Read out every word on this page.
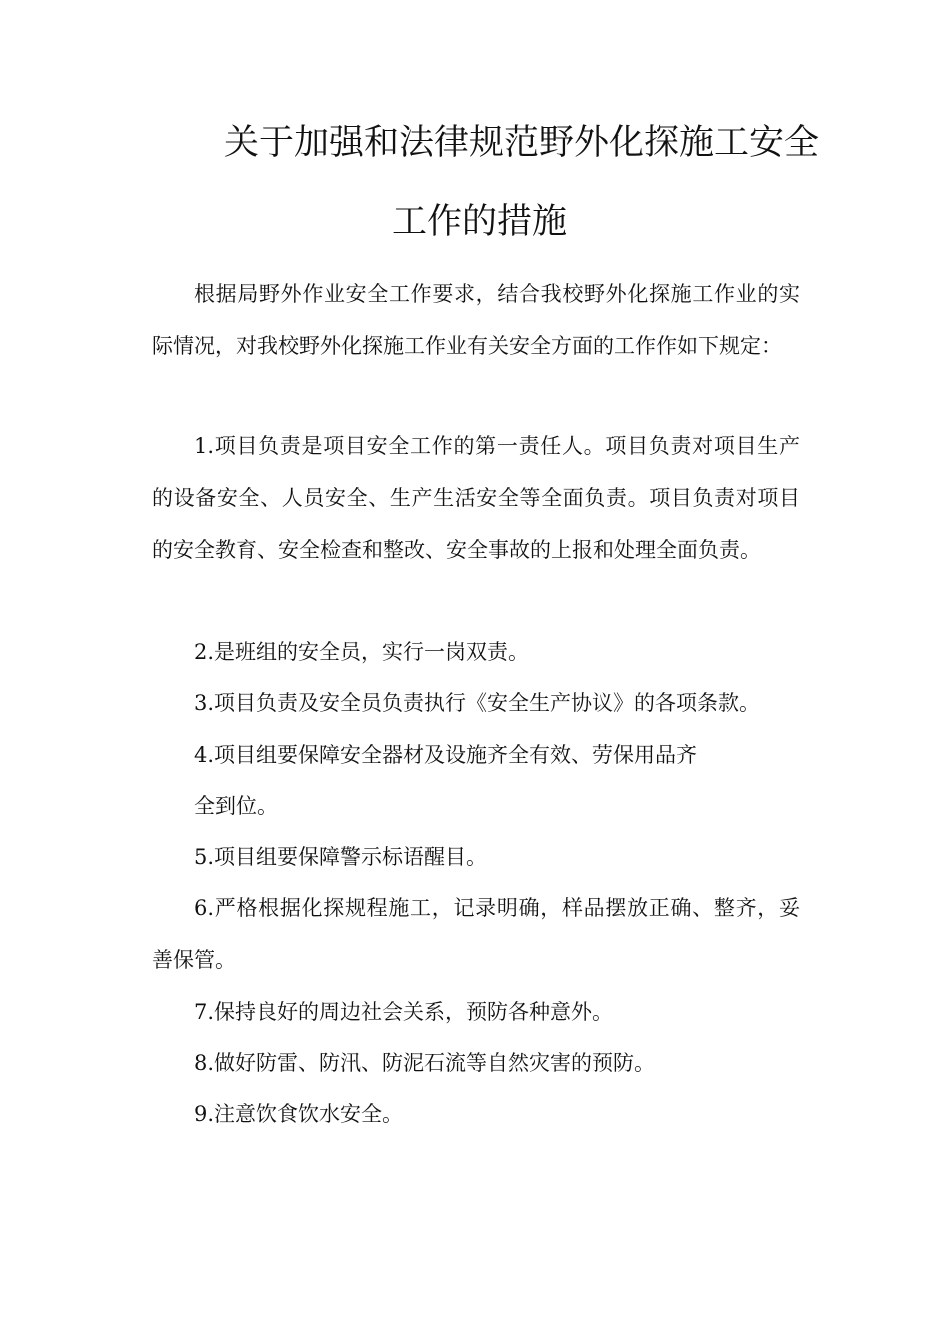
关于加强和法律规范野外化探施工安全
工作的措施

根据局野外作业安全工作要求，结合我校野外化探施工作业的实际情况，对我校野外化探施工作业有关安全方面的工作作如下规定：

1.项目负责是项目安全工作的第一责任人。项目负责对项目生产的设备安全、人员安全、生产生活安全等全面负责。项目负责对项目的安全教育、安全检查和整改、安全事故的上报和处理全面负责。

2.是班组的安全员，实行一岗双责。

3.项目负责及安全员负责执行《安全生产协议》的各项条款。

4.项目组要保障安全器材及设施齐全有效、劳保用品齐

全到位。

5.项目组要保障警示标语醒目。

6.严格根据化探规程施工，记录明确，样品摆放正确、整齐，妥善保管。

7.保持良好的周边社会关系，预防各种意外。

8.做好防雷、防汛、防泥石流等自然灾害的预防。

9.注意饮食饮水安全。
